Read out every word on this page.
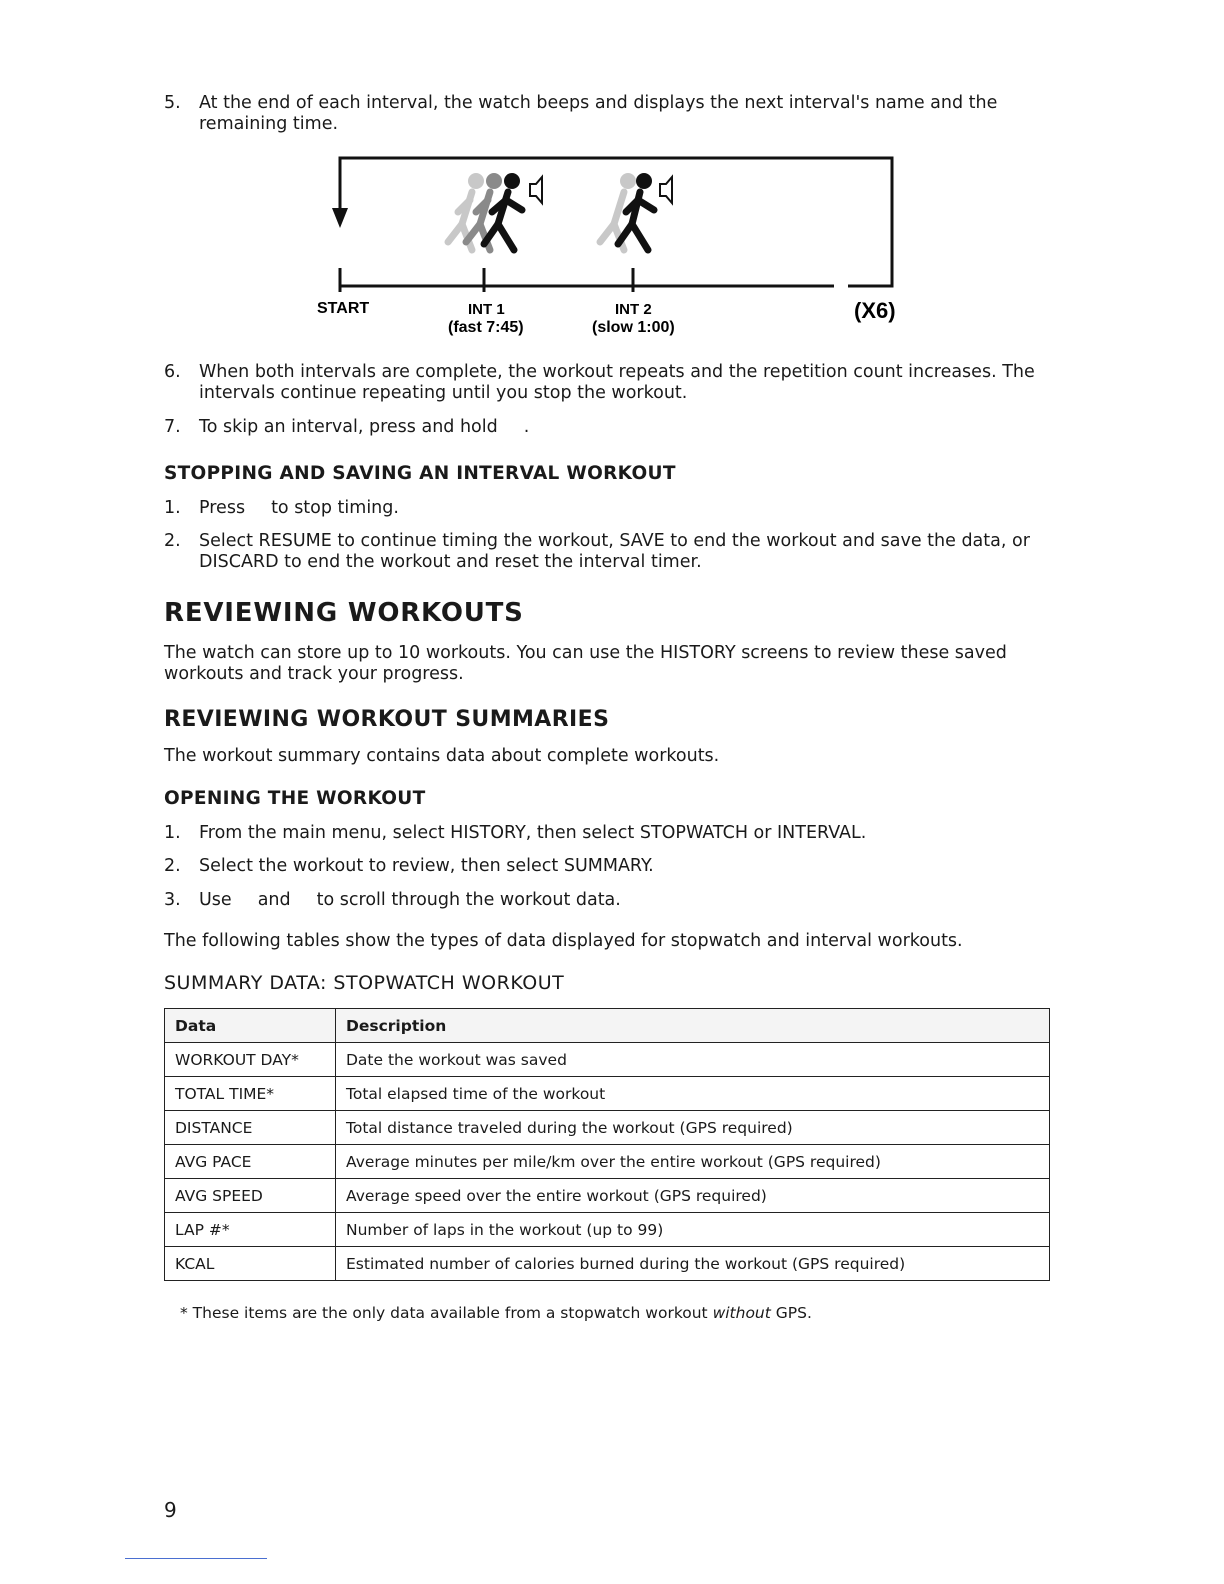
5. At the end of each interval, the watch beeps and displays the next interval's name and the remaining time.
START	INT 1
(fast 7:45)
INT 2
(slow 1:00)
(X6)
6. When both intervals are complete, the workout repeats and the repetition count increases. The intervals continue repeating until you stop the workout.
7. To skip an interval, press and hold .
STOPPING AND SAVING AN INTERVAL WORKOUT
1. Press to stop timing.
2. Select RESUME to continue timing the workout, SAVE to end the workout and save the data, or DISCARD to end the workout and reset the interval timer.
REVIEWING WORKOUTS
The watch can store up to 10 workouts. You can use the HISTORY screens to review these saved workouts and track your progress.
REVIEWING WORKOUT SUMMARIES
The workout summary contains data about complete workouts.
OPENING THE WORKOUT
1. From the main menu, select HISTORY, then select STOPWATCH or INTERVAL.
2. Select the workout to review, then select SUMMARY.
3. Use and to scroll through the workout data.
The following tables show the types of data displayed for stopwatch and interval workouts.
SUMMARY DATA: STOPWATCH WORKOUT
Data	Description
WORKOUT DAY*	Date the workout was saved
TOTAL TIME*	Total elapsed time of the workout
DISTANCE	Total distance traveled during the workout (GPS required)
AVG PACE	Average minutes per mile/km over the entire workout (GPS required)
AVG SPEED	Average speed over the entire workout (GPS required)
LAP #*	Number of laps in the workout (up to 99)
KCAL	Estimated number of calories burned during the workout (GPS required)
* These items are the only data available from a stopwatch workout without GPS.
9
